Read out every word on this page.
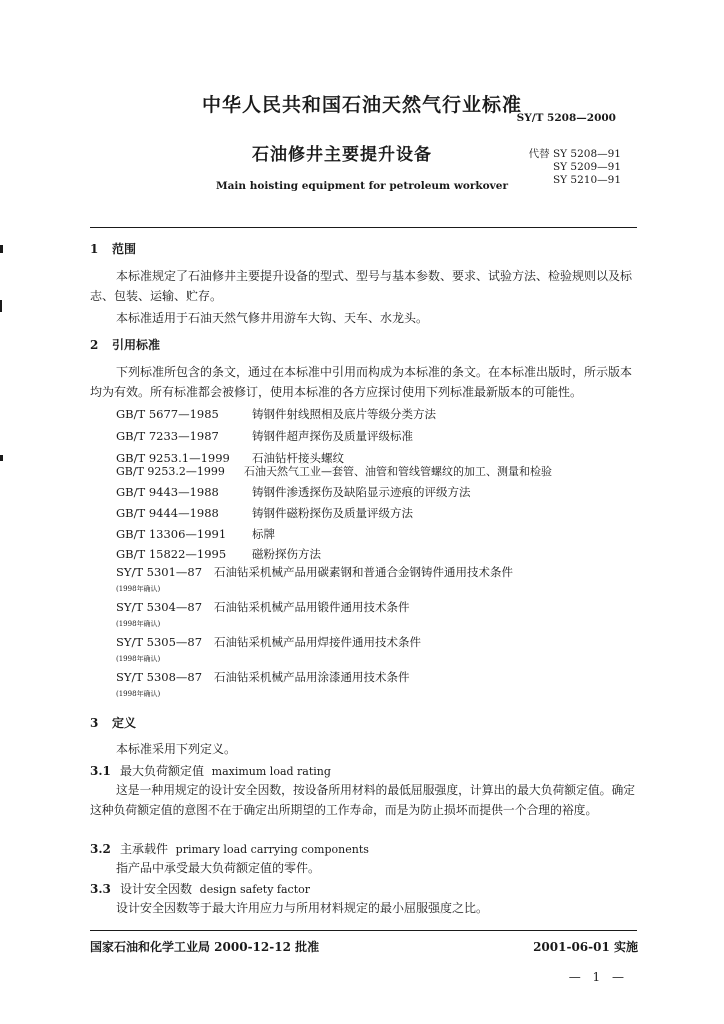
中华人民共和国石油天然气行业标准
SY/T 5208—2000
石油修井主要提升设备	代替 SY 5208—91
SY 5209—91
SY 5210—91
Main hoisting equipment for petroleum workover
1 范围
本标准规定了石油修井主要提升设备的型式、型号与基本参数、要求、试验方法、检验规则以及标志、包装、运输、贮存。
本标准适用于石油天然气修井用游车大钩、天车、水龙头。
2 引用标准
下列标准所包含的条文，通过在本标准中引用而构成为本标准的条文。在本标准出版时，所示版本均为有效。所有标准都会被修订，使用本标准的各方应探讨使用下列标准最新版本的可能性。
GB/T 5677—1985	铸钢件射线照相及底片等级分类方法
GB/T 7233—1987	铸钢件超声探伤及质量评级标准
GB/T 9253.1—1999 石油钻杆接头螺纹
GB/T 9253.2—1999 石油天然气工业—套管、油管和管线管螺纹的加工、测量和检验
GB/T 9443—1988	铸钢件渗透探伤及缺陷显示迹痕的评级方法
GB/T 9444—1988	铸钢件磁粉探伤及质量评级方法
GB/T 13306—1991 标牌
GB/T 15822—1995 磁粉探伤方法
SY/T 5301—87 石油钻采机械产品用碳素钢和普通合金钢铸件通用技术条件
(1998年确认)
SY/T 5304—87 石油钻采机械产品用锻件通用技术条件
(1998年确认)
SY/T 5305—87 石油钻采机械产品用焊接件通用技术条件
(1998年确认)
SY/T 5308—87 石油钻采机械产品用涂漆通用技术条件
(1998年确认)
3 定义
本标准采用下列定义。
3.1 最大负荷额定值 maximum load rating
这是一种用规定的设计安全因数，按设备所用材料的最低屈服强度，计算出的最大负荷额定值。确定这种负荷额定值的意图不在于确定出所期望的工作寿命，而是为防止损坏而提供一个合理的裕度。
3.2 主承载件 primary load carrying components
指产品中承受最大负荷额定值的零件。
3.3 设计安全因数 design safety factor
设计安全因数等于最大许用应力与所用材料规定的最小屈服强度之比。
国家石油和化学工业局 2000-12-12 批准	2001-06-01 实施
— 1 —
